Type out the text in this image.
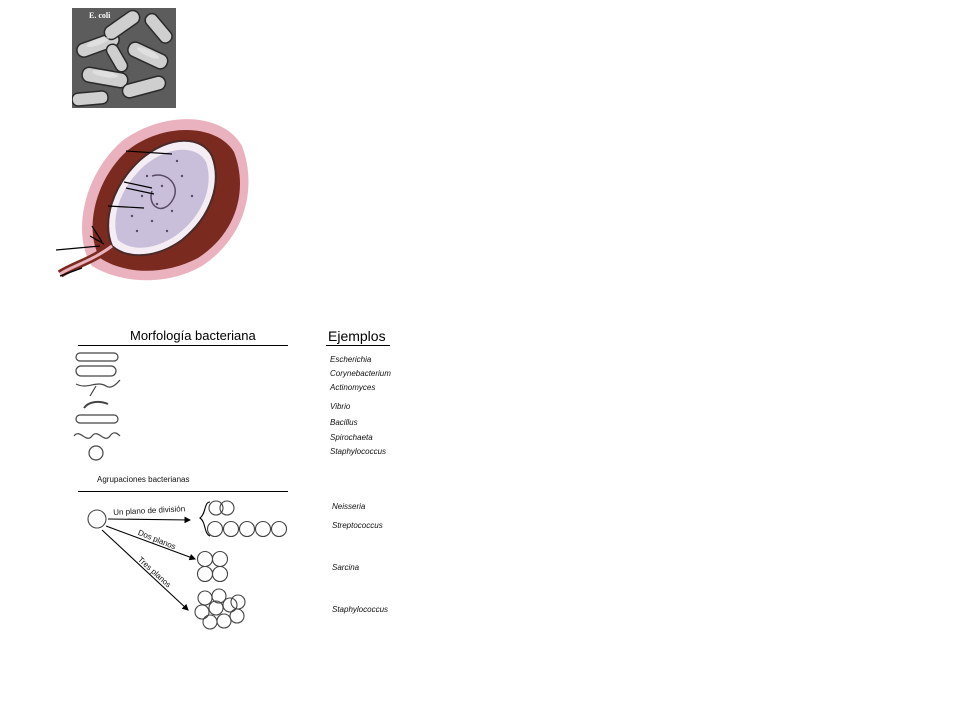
E. coli
Morfología bacteriana	Ejemplos
Escherichia
Corynebacterium
Actinomyces
Vibrio
Bacillus
Spirochaeta
Staphylococcus
Agrupaciones bacterianas
Un plano de división
Dos planos
Tres planos
Neisseria
Streptococcus
Sarcina
Staphylococcus
